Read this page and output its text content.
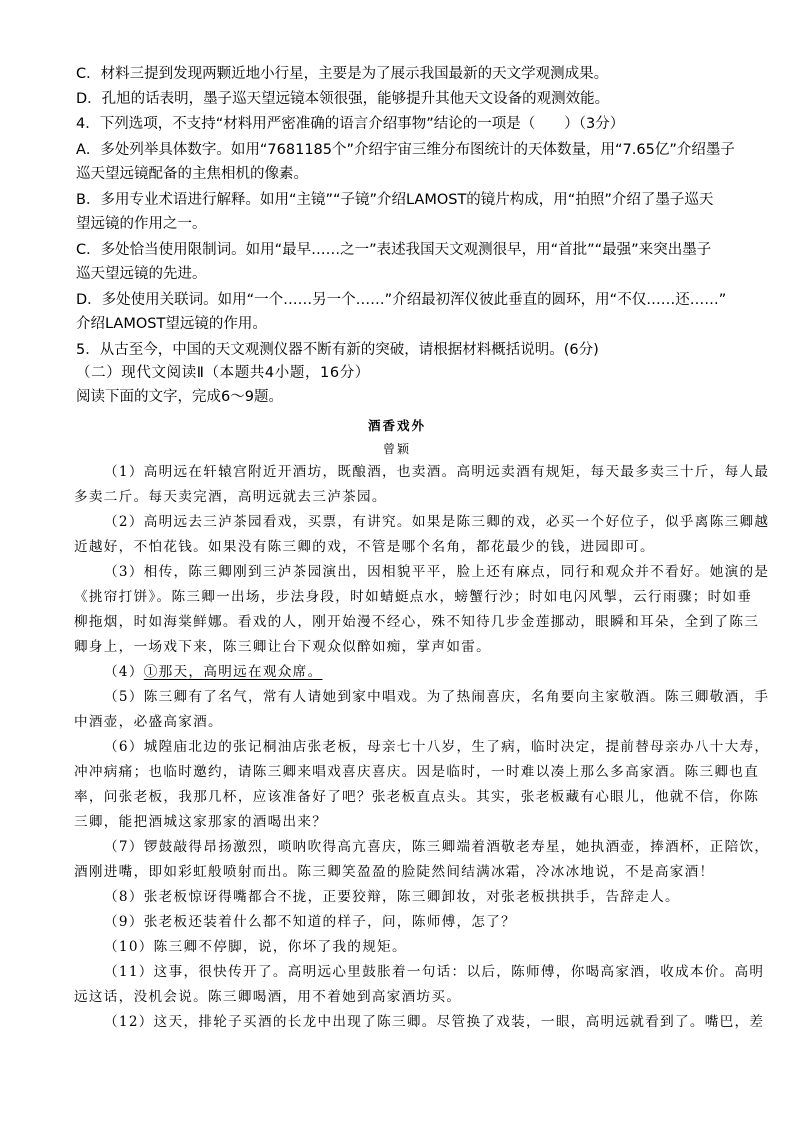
C．材料三提到发现两颗近地小行星，主要是为了展示我国最新的天文学观测成果。
D．孔旭的话表明，墨子巡天望远镜本领很强，能够提升其他天文设备的观测效能。
4．下列选项，不支持“材料用严密准确的语言介绍事物”结论的一项是（　　）（3分）
A．多处列举具体数字。如用“7681185个”介绍宇宙三维分布图统计的天体数量，用“7.65亿”介绍墨子
巡天望远镜配备的主焦相机的像素。
B．多用专业术语进行解释。如用“主镜”“子镜”介绍LAMOST的镜片构成，用“拍照”介绍了墨子巡天
望远镜的作用之一。
C．多处恰当使用限制词。如用“最早……之一”表述我国天文观测很早，用“首批”“最强”来突出墨子
巡天望远镜的先进。
D．多处使用关联词。如用“一个……另一个……”介绍最初浑仪彼此垂直的圆环，用“不仅……还……”
介绍LAMOST望远镜的作用。
5．从古至今，中国的天文观测仪器不断有新的突破，请根据材料概括说明。(6分)
（二）现代文阅读Ⅱ（本题共4小题，16分）
阅读下面的文字，完成6～9题。
酒香戏外
曾颖
（1）高明远在轩辕宫附近开酒坊，既酿酒，也卖酒。高明远卖酒有规矩，每天最多卖三十斤，每人最
多卖二斤。每天卖完酒，高明远就去三泸茶园。
（2）高明远去三泸茶园看戏，买票，有讲究。如果是陈三卿的戏，必买一个好位子，似乎离陈三卿越
近越好，不怕花钱。如果没有陈三卿的戏，不管是哪个名角，都花最少的钱，进园即可。
（3）相传，陈三卿刚到三泸茶园演出，因相貌平平，脸上还有麻点，同行和观众并不看好。她演的是
《挑帘打饼》。陈三卿一出场，步法身段，时如蜻蜓点水，螃蟹行沙；时如电闪风掣，云行雨骤；时如垂
柳拖烟，时如海棠鲜娜。看戏的人，刚开始漫不经心，殊不知待几步金莲挪动，眼瞬和耳朵，全到了陈三
卿身上，一场戏下来，陈三卿让台下观众似醉如痴，掌声如雷。
（4）①那天，高明远在观众席。
（5）陈三卿有了名气，常有人请她到家中唱戏。为了热闹喜庆，名角要向主家敬酒。陈三卿敬酒，手
中酒壶，必盛高家酒。
（6）城隍庙北边的张记桐油店张老板，母亲七十八岁，生了病，临时决定，提前替母亲办八十大寿，
冲冲病痛；也临时邀约，请陈三卿来唱戏喜庆喜庆。因是临时，一时难以凑上那么多高家酒。陈三卿也直
率，问张老板，我那几杯，应该准备好了吧？张老板直点头。其实，张老板藏有心眼儿，他就不信，你陈
三卿，能把酒城这家那家的酒喝出来？
（7）锣鼓敲得昂扬激烈，唢呐吹得高亢喜庆，陈三卿端着酒敬老寿星，她执酒壶，捧酒杯，正陪饮，
酒刚进嘴，即如彩虹般喷射而出。陈三卿笑盈盈的脸陡然间结满冰霜，冷冰冰地说，不是高家酒！
（8）张老板惊讶得嘴都合不拢，正要狡辩，陈三卿卸妆，对张老板拱拱手，告辞走人。
（9）张老板还装着什么都不知道的样子，问，陈师傅，怎了？
（10）陈三卿不停脚，说，你坏了我的规矩。
（11）这事，很快传开了。高明远心里鼓胀着一句话：以后，陈师傅，你喝高家酒，收成本价。高明
远这话，没机会说。陈三卿喝酒，用不着她到高家酒坊买。
（12）这天，排轮子买酒的长龙中出现了陈三卿。尽管换了戏装，一眼，高明远就看到了。嘴巴，差
